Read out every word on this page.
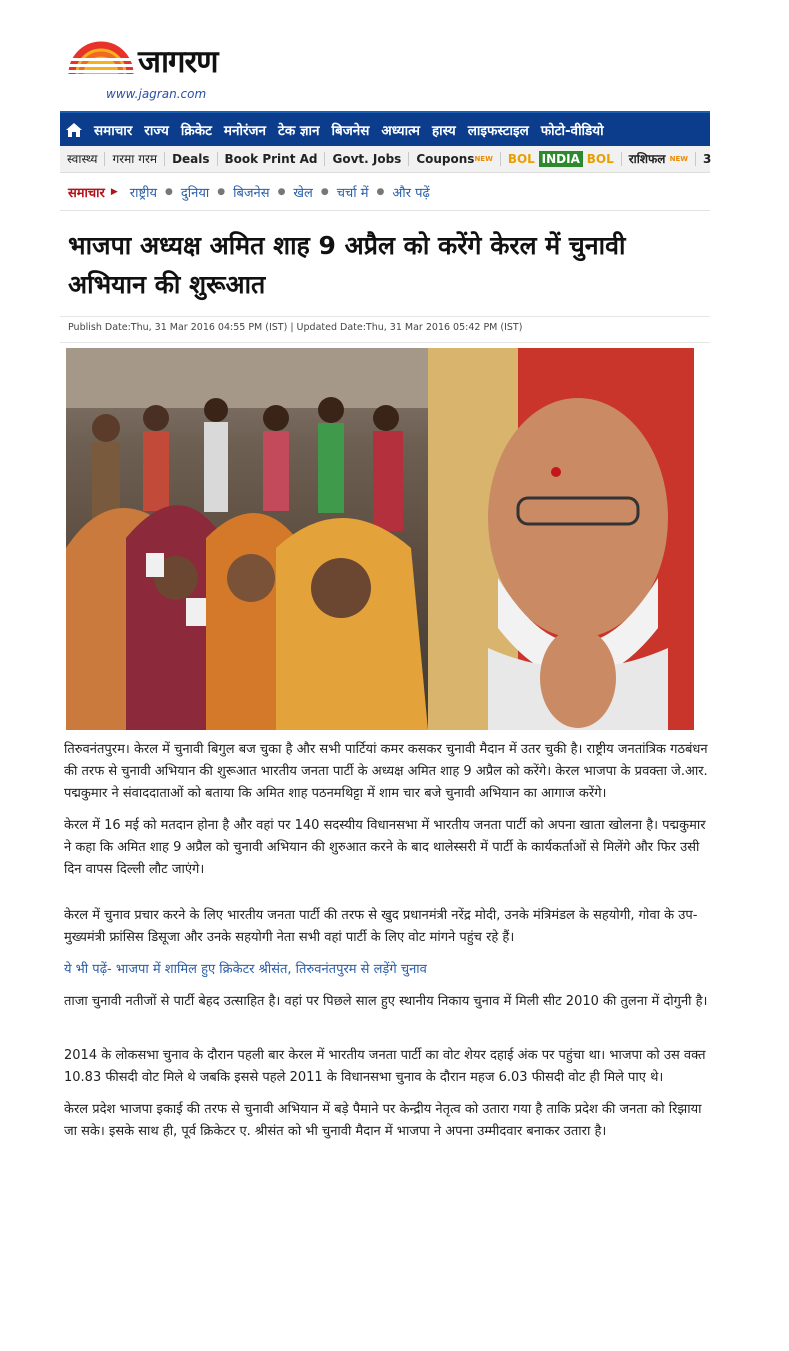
जागरण
www.jagran.com
समाचार राज्य क्रिकेट मनोरंजन टेक ज्ञान बिजनेस अध्यात्म हास्य लाइफस्टाइल फोटो-वीडियो
स्वास्थ्य	गरमा गरम	Deals	Book Print Ad	Govt. Jobs	Coupons$^{NEW}$	BOL INDIA BOL	राशिफल $^{NEW}$	3
समाचार ▶ राष्ट्रीय ● दुनिया ● बिजनेस ● खेल ● चर्चा में ● और पढ़ें
भाजपा अध्यक्ष अमित शाह 9 अप्रैल को करेंगे केरल में चुनावी अभियान की शुरूआत
Publish Date:Thu, 31 Mar 2016 04:55 PM (IST) | Updated Date:Thu, 31 Mar 2016 05:42 PM (IST)

तिरुवनंतपुरम। केरल में चुनावी बिगुल बज चुका है और सभी पार्टियां कमर कसकर चुनावी मैदान में उतर चुकी है। राष्ट्रीय जनतांत्रिक गठबंधन की तरफ से चुनावी अभियान की शुरूआत भारतीय जनता पार्टी के अध्यक्ष अमित शाह 9 अप्रैल को करेंगे। केरल भाजपा के प्रवक्ता जे.आर. पद्मकुमार ने संवाददाताओं को बताया कि अमित शाह पठनमथिट्टा में शाम चार बजे चुनावी अभियान का आगाज करेंगे।

केरल में 16 मई को मतदान होना है और वहां पर 140 सदस्यीय विधानसभा में भारतीय जनता पार्टी को अपना खाता खोलना है। पद्मकुमार ने कहा कि अमित शाह 9 अप्रैल को चुनावी अभियान की शुरुआत करने के बाद थालेस्सरी में पार्टी के कार्यकर्ताओं से मिलेंगे और फिर उसी दिन वापस दिल्ली लौट जाएंगे।

केरल में चुनाव प्रचार करने के लिए भारतीय जनता पार्टी की तरफ से खुद प्रधानमंत्री नरेंद्र मोदी, उनके मंत्रिमंडल के सहयोगी, गोवा के उप-मुख्यमंत्री फ्रांसिस डिसूजा और उनके सहयोगी नेता सभी वहां पार्टी के लिए वोट मांगने पहुंच रहे हैं।

ये भी पढ़ें- भाजपा में शामिल हुए क्रिकेटर श्रीसंत, तिरुवनंतपुरम से लड़ेंगे चुनाव

ताजा चुनावी नतीजों से पार्टी बेहद उत्साहित है। वहां पर पिछले साल हुए स्थानीय निकाय चुनाव में मिली सीट 2010 की तुलना में दोगुनी है।

2014 के लोकसभा चुनाव के दौरान पहली बार केरल में भारतीय जनता पार्टी का वोट शेयर दहाई अंक पर पहुंचा था। भाजपा को उस वक्त 10.83 फीसदी वोट मिले थे जबकि इससे पहले 2011 के विधानसभा चुनाव के दौरान महज 6.03 फीसदी वोट ही मिले पाए थे।

केरल प्रदेश भाजपा इकाई की तरफ से चुनावी अभियान में बड़े पैमाने पर केन्द्रीय नेतृत्व को उतारा गया है ताकि प्रदेश की जनता को रिझाया जा सके। इसके साथ ही, पूर्व क्रिकेटर ए. श्रीसंत को भी चुनावी मैदान में भाजपा ने अपना उम्मीदवार बनाकर उतारा है।
